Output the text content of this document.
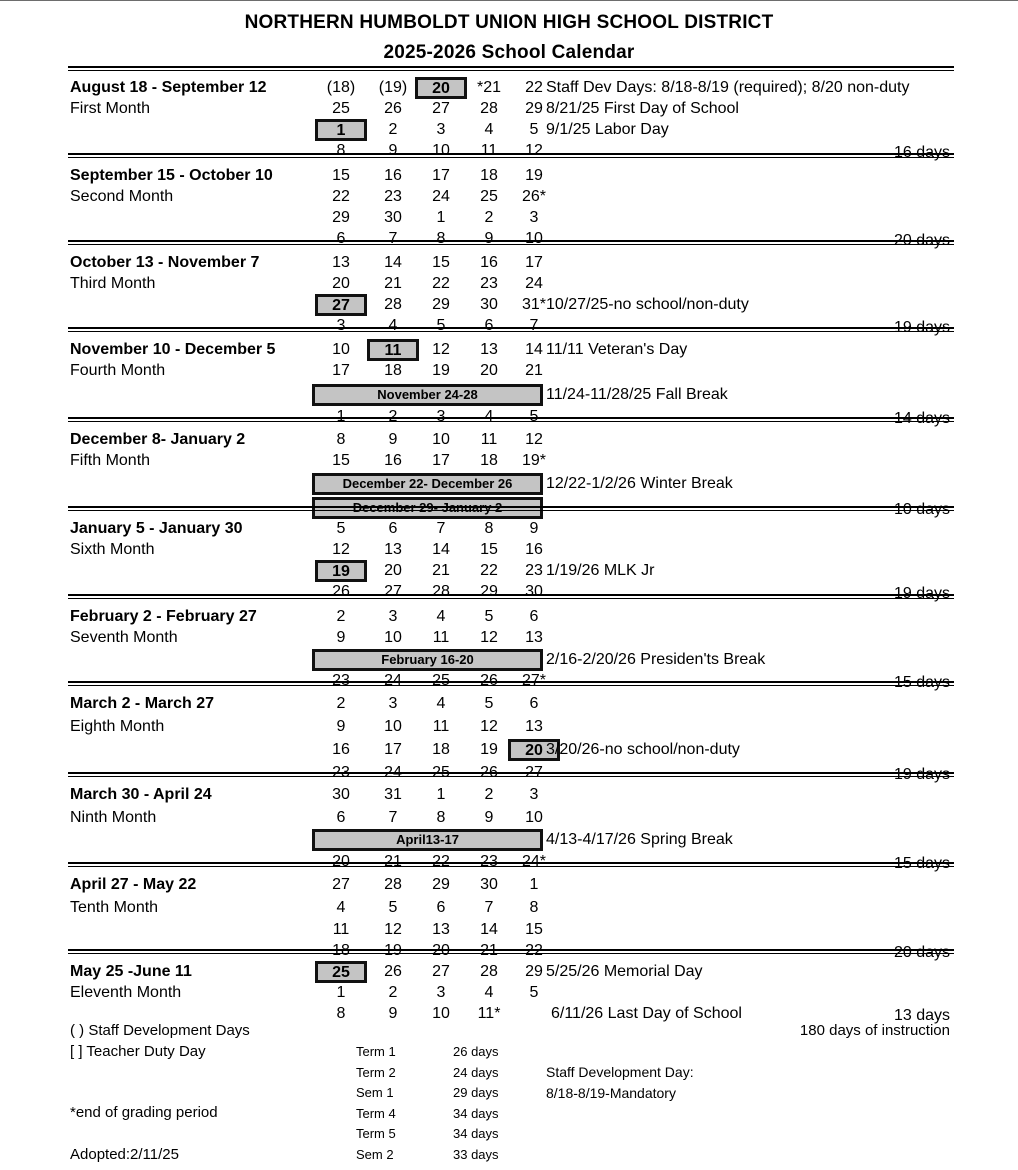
NORTHERN HUMBOLDT UNION HIGH SCHOOL DISTRICT
2025-2026 School Calendar
August 18 - September 12
First Month
(18)	(19)	20	*21	22 Staff Dev Days: 8/18-8/19 (required); 8/20 non-duty
25	26	27	28	29 8/21/25 First Day of School
1	2	3	4	5 9/1/25 Labor Day
8	9	10	11	12	16 days
September 15 - October 10
Second Month
15	16	17	18	19
22	23	24	25	26*
29	30	1	2	3
6	7	8	9	10	20 days
October 13 - November 7
Third Month
13	14	15	16	17
20	21	22	23	24
27	28	29	30	31* 10/27/25-no school/non-duty
3	4	5	6	7	19 days
November 10 - December 5
Fourth Month
10	11	12	13	14 11/11 Veteran's Day
17	18	19	20	21
November 24-28	11/24-11/28/25 Fall Break
1	2	3	4	5	14 days
December 8- January 2
Fifth Month
8	9	10	11	12
15	16	17	18	19*
December 22- December 26	12/22-1/2/26 Winter Break
December 29- January 2	10 days
January 5 - January 30
Sixth Month
5	6	7	8	9
12	13	14	15	16
19	20	21	22	23 1/19/26 MLK Jr
26	27	28	29	30	19 days
February 2 - February 27
Seventh Month
2	3	4	5	6
9	10	11	12	13
February 16-20	2/16-2/20/26 Presiden'ts Break
23	24	25	26	27*	15 days
March 2 - March 27
Eighth Month
2	3	4	5	6
9	10	11	12	13
16	17	18	19	20 3/20/26-no school/non-duty
23	24	25	26	27	19 days
March 30 - April 24
Ninth Month
30	31	1	2	3
6	7	8	9	10
April13-17	4/13-4/17/26 Spring Break
20	21	22	23	24*	15 days
April 27 - May 22
Tenth Month
27	28	29	30	1
4	5	6	7	8
11	12	13	14	15
18	19	20	21	22	20 days
May 25 -June 11
Eleventh Month
25	26	27	28	29 5/25/26 Memorial Day
1	2	3	4	5
8	9	10	11*	6/11/26 Last Day of School	13 days
( ) Staff Development Days
[ ] Teacher Duty Day
*end of grading period
Adopted:2/11/25
180 days of instruction
Term 1	26 days
Term 2	24 days
Sem 1	29 days
Term 4	34 days
Term 5	34 days
Sem 2	33 days
Staff Development Day:
8/18-8/19-Mandatory
